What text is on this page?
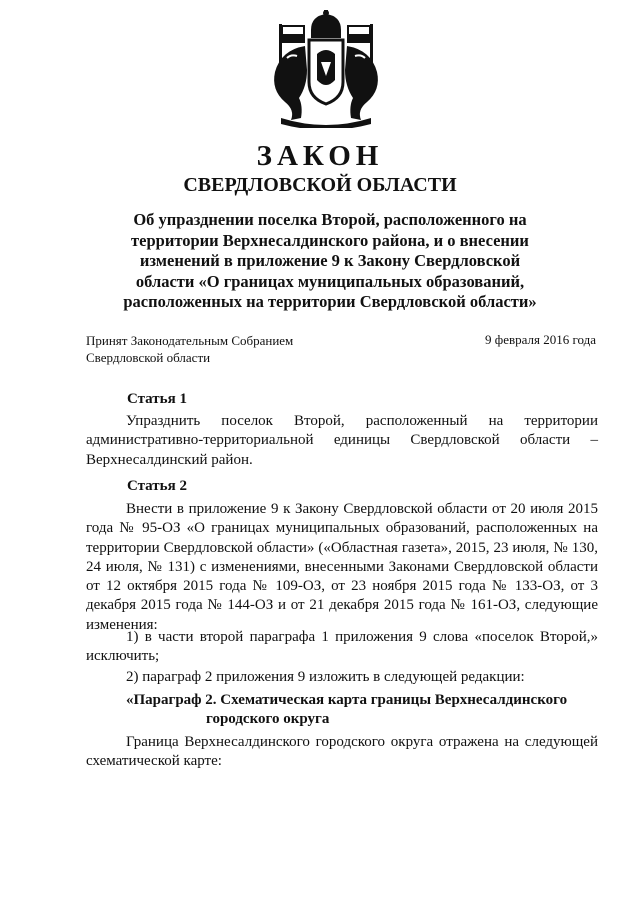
ЗАКОН
СВЕРДЛОВСКОЙ ОБЛАСТИ
Об упразднении поселка Второй, расположенного на
территории Верхнесалдинского района, и о внесении
изменений в приложение 9 к Закону Свердловской
области «О границах муниципальных образований,
расположенных на территории Свердловской области»
Принят Законодательным Собранием
Свердловской области
9 февраля 2016 года
Статья 1
Упразднить поселок Второй, расположенный на территории административно-территориальной единицы Свердловской области – Верхнесалдинский район.
Статья 2
Внести в приложение 9 к Закону Свердловской области от 20 июля 2015 года № 95-ОЗ «О границах муниципальных образований, расположенных на территории Свердловской области» («Областная газета», 2015, 23 июля, № 130, 24 июля, № 131) с изменениями, внесенными Законами Свердловской области от 12 октября 2015 года № 109-ОЗ, от 23 ноября 2015 года № 133-ОЗ, от 3 декабря 2015 года № 144-ОЗ и от 21 декабря 2015 года № 161-ОЗ, следующие изменения:
1) в части второй параграфа 1 приложения 9 слова «поселок Второй,» исключить;
2) параграф 2 приложения 9 изложить в следующей редакции:
«Параграф 2. Схематическая карта границы Верхнесалдинского
городского округа
Граница Верхнесалдинского городского округа отражена на следующей схематической карте:
